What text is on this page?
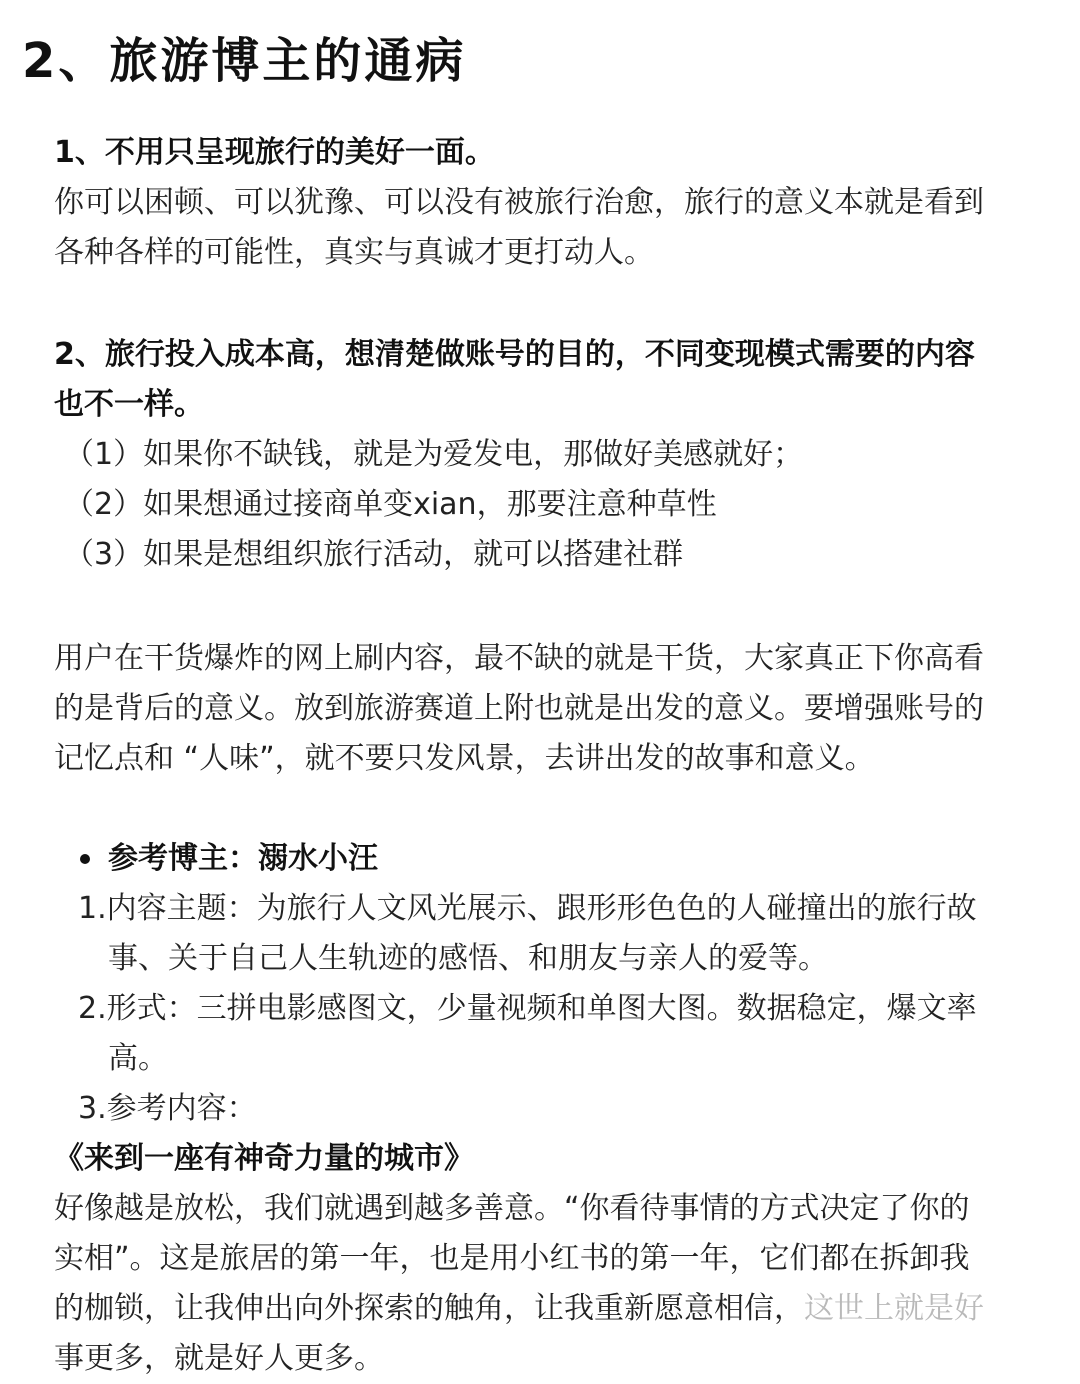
2、旅游博主的通病
1、不用只呈现旅行的美好一面。
你可以困顿、可以犹豫、可以没有被旅行治愈，旅行的意义本就是看到
各种各样的可能性，真实与真诚才更打动人。
2、旅行投入成本高，想清楚做账号的目的，不同变现模式需要的内容
也不一样。
（1）如果你不缺钱，就是为爱发电，那做好美感就好；
（2）如果想通过接商单变xian，那要注意种草性
（3）如果是想组织旅行活动，就可以搭建社群
用户在干货爆炸的网上刷内容，最不缺的就是干货，大家真正下你高看
的是背后的意义。放到旅游赛道上附也就是出发的意义。要增强账号的
记忆点和 “人味”，就不要只发风景，去讲出发的故事和意义。
参考博主：溺水小汪
1.内容主题：为旅行人文风光展示、跟形形色色的人碰撞出的旅行故
事、关于自己人生轨迹的感悟、和朋友与亲人的爱等。
2.形式：三拼电影感图文，少量视频和单图大图。数据稳定，爆文率
高。
3.参考内容：
《来到一座有神奇力量的城市》
好像越是放松，我们就遇到越多善意。“你看待事情的方式决定了你的
实相”。这是旅居的第一年，也是用小红书的第一年，它们都在拆卸我
的枷锁，让我伸出向外探索的触角，让我重新愿意相信，这世上就是好
事更多，就是好人更多。
